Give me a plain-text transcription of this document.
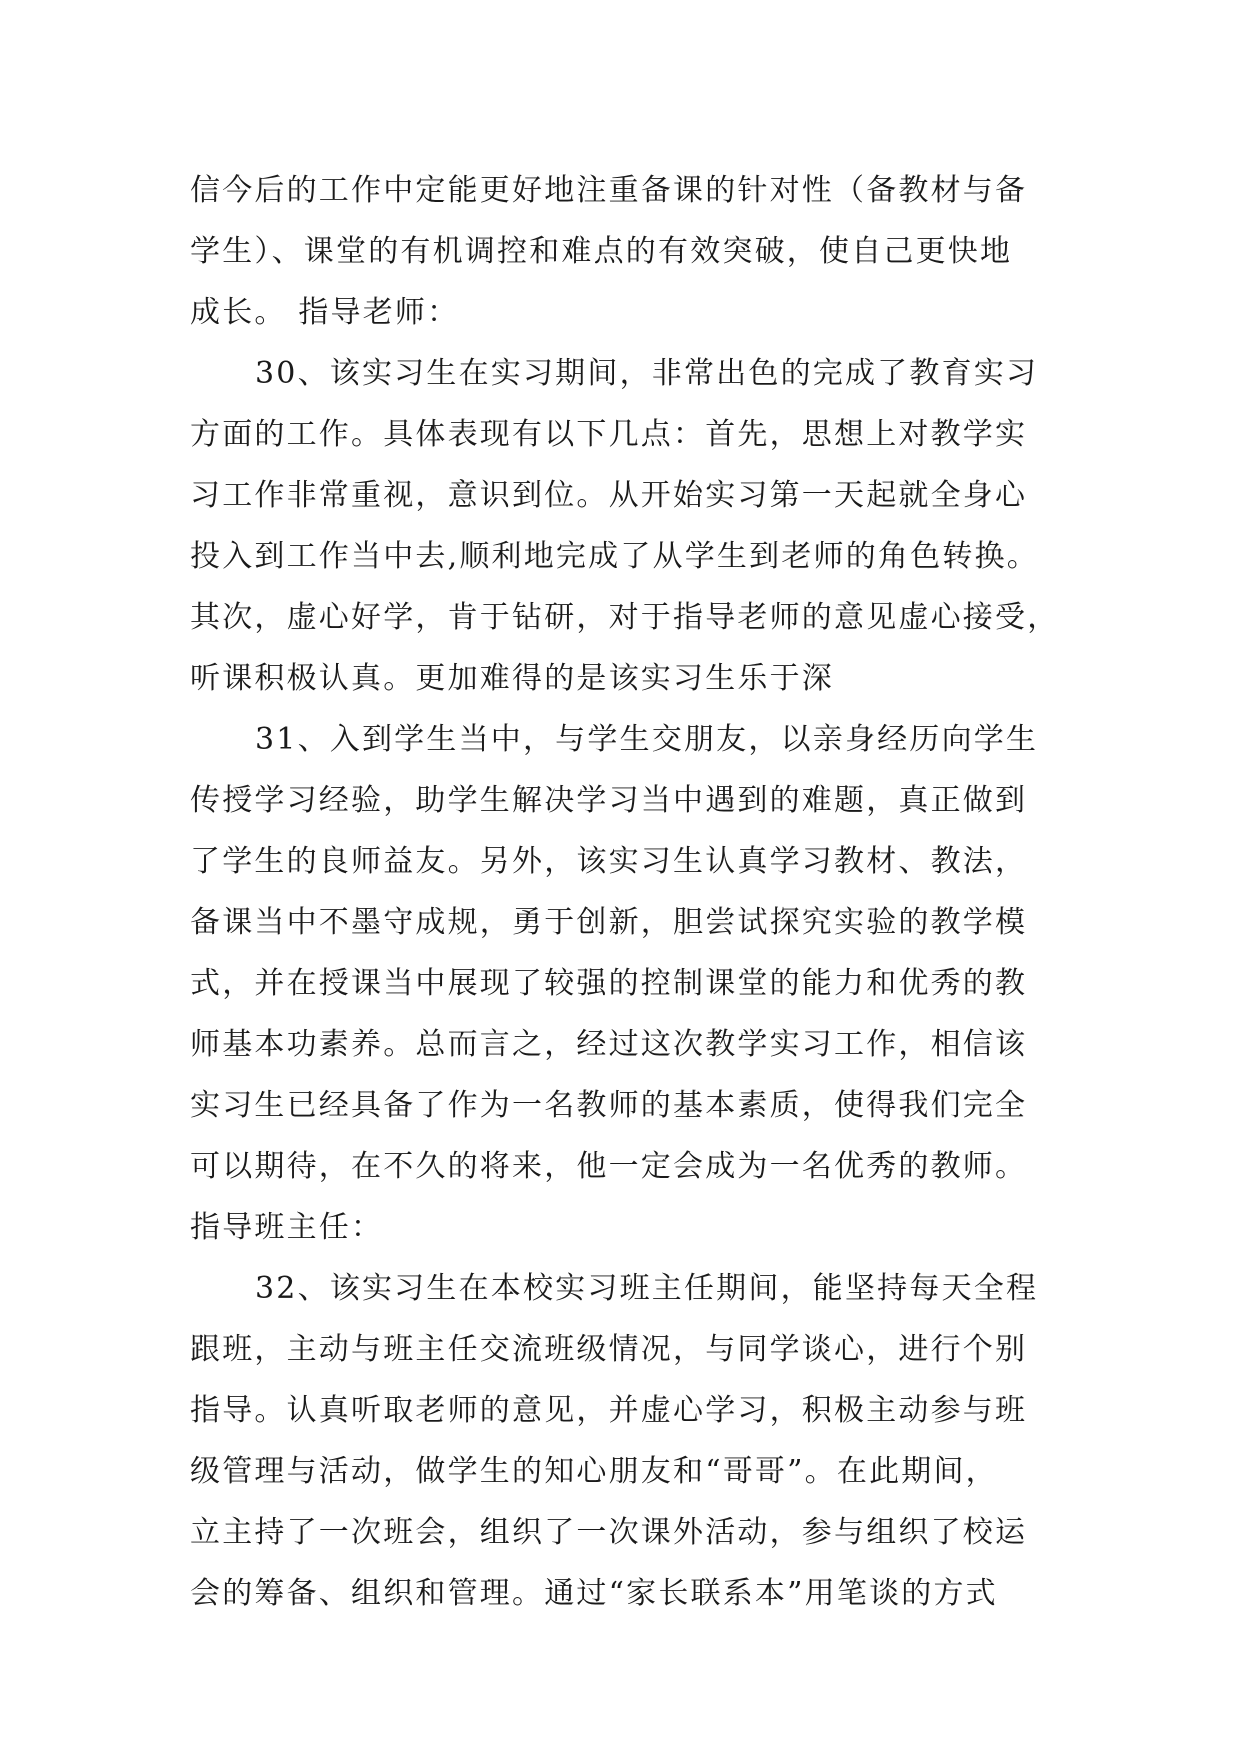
信今后的工作中定能更好地注重备课的针对性（备教材与备
学生）、课堂的有机调控和难点的有效突破，使自己更快地
成长。 指导老师：
30、该实习生在实习期间，非常出色的完成了教育实习
方面的工作。具体表现有以下几点：首先，思想上对教学实
习工作非常重视，意识到位。从开始实习第一天起就全身心
投入到工作当中去,顺利地完成了从学生到老师的角色转换。
其次，虚心好学，肯于钻研，对于指导老师的意见虚心接受，
听课积极认真。更加难得的是该实习生乐于深
31、入到学生当中，与学生交朋友，以亲身经历向学生
传授学习经验，助学生解决学习当中遇到的难题，真正做到
了学生的良师益友。另外，该实习生认真学习教材、教法，
备课当中不墨守成规，勇于创新，胆尝试探究实验的教学模
式，并在授课当中展现了较强的控制课堂的能力和优秀的教
师基本功素养。总而言之，经过这次教学实习工作，相信该
实习生已经具备了作为一名教师的基本素质，使得我们完全
可以期待，在不久的将来，他一定会成为一名优秀的教师。
指导班主任：
32、该实习生在本校实习班主任期间，能坚持每天全程
跟班，主动与班主任交流班级情况，与同学谈心，进行个别
指导。认真听取老师的意见，并虚心学习，积极主动参与班
级管理与活动，做学生的知心朋友和“哥哥”。在此期间，
立主持了一次班会，组织了一次课外活动，参与组织了校运
会的筹备、组织和管理。通过“家长联系本”用笔谈的方式
